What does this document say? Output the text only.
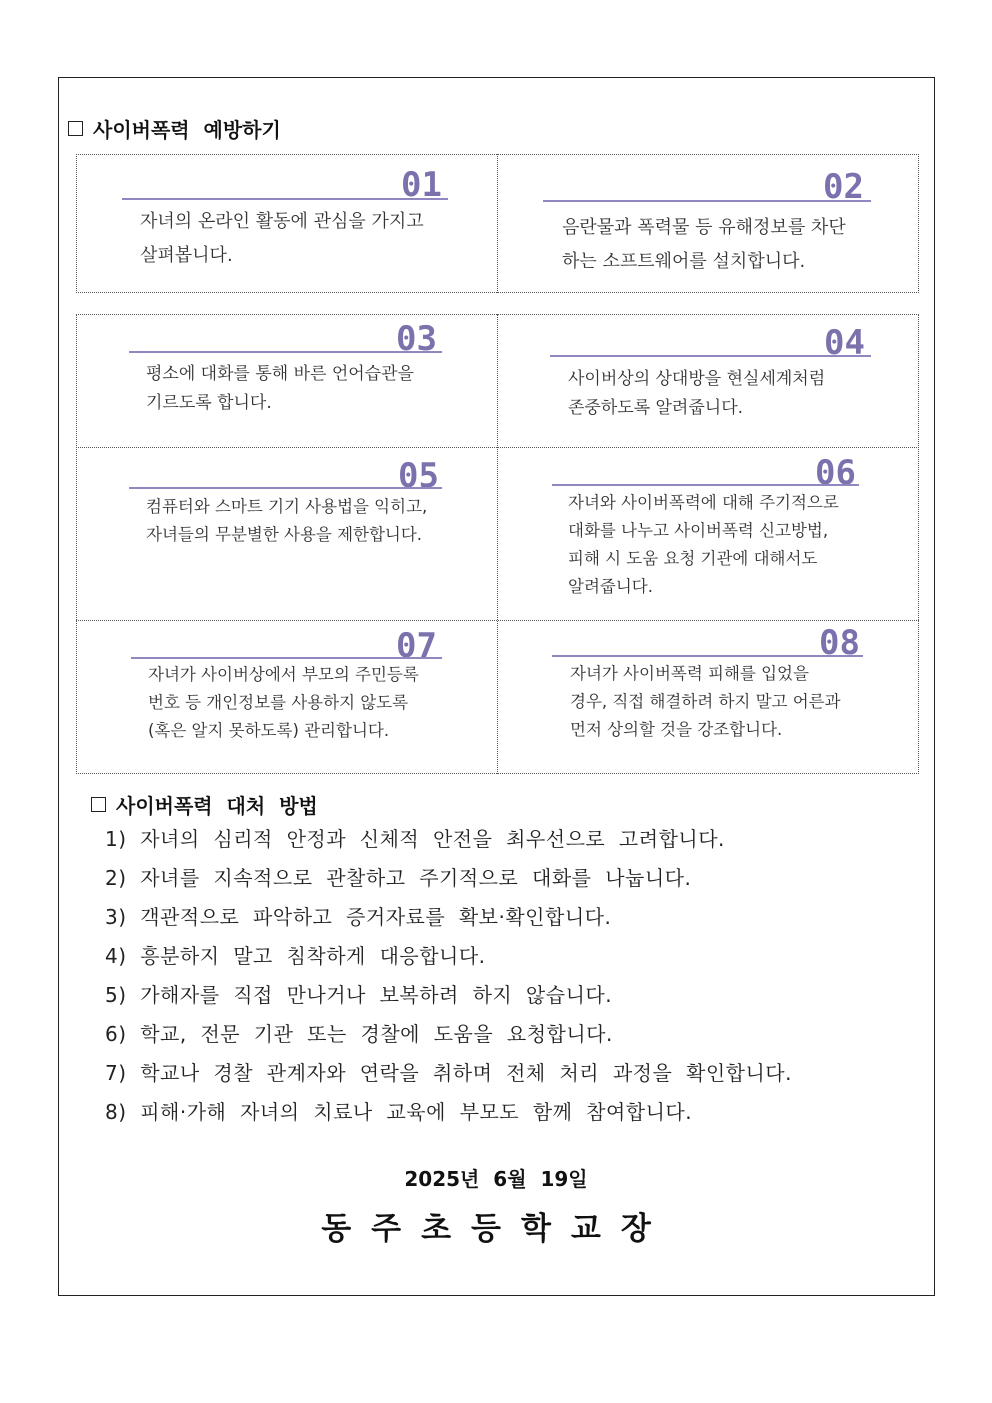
사이버폭력  예방하기
01
자녀의 온라인 활동에 관심을 가지고
살펴봅니다.
02
음란물과 폭력물 등 유해정보를 차단
하는 소프트웨어를 설치합니다.
03
평소에 대화를 통해 바른 언어습관을
기르도록 합니다.
04
사이버상의 상대방을 현실세계처럼
존중하도록 알려줍니다.
05
컴퓨터와 스마트 기기 사용법을 익히고,
자녀들의 무분별한 사용을 제한합니다.
06
자녀와 사이버폭력에 대해 주기적으로
대화를 나누고 사이버폭력 신고방법,
피해 시 도움 요청 기관에 대해서도
알려줍니다.
07
자녀가 사이버상에서 부모의 주민등록
번호 등 개인정보를 사용하지 않도록
(혹은 알지 못하도록) 관리합니다.
08
자녀가 사이버폭력 피해를 입었을
경우, 직접 해결하려 하지 말고 어른과
먼저 상의할 것을 강조합니다.
사이버폭력  대처  방법
1)  자녀의  심리적  안정과  신체적  안전을  최우선으로  고려합니다.
2)  자녀를  지속적으로  관찰하고  주기적으로  대화를  나눕니다.
3)  객관적으로  파악하고  증거자료를  확보·확인합니다.
4)  흥분하지  말고  침착하게  대응합니다.
5)  가해자를  직접  만나거나  보복하려  하지  않습니다.
6)  학교,  전문  기관  또는  경찰에  도움을  요청합니다.
7)  학교나  경찰  관계자와  연락을  취하며  전체  처리  과정을  확인합니다.
8)  피해·가해  자녀의  치료나  교육에  부모도  함께  참여합니다.
2025년  6월  19일
동주초등학교장
